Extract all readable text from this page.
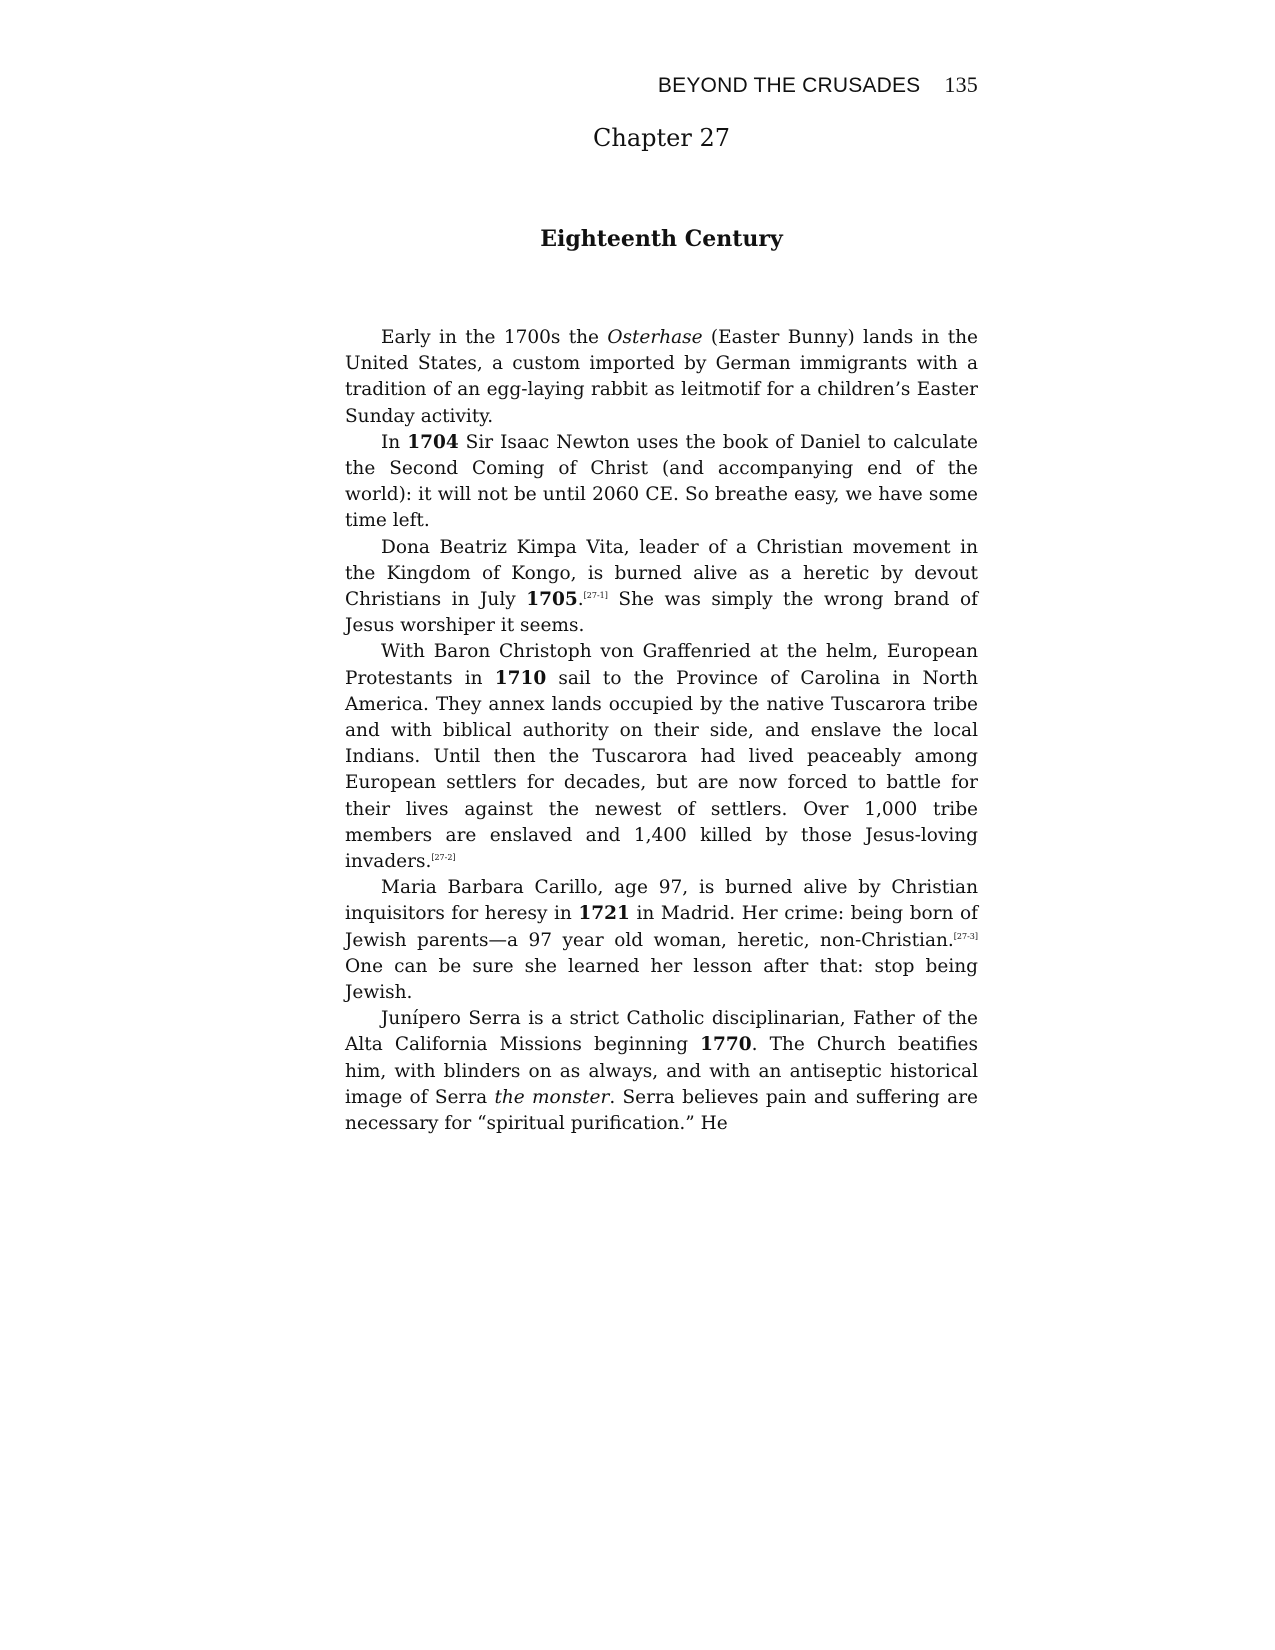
BEYOND THE CRUSADES 135
Chapter 27
Eighteenth Century

Early in the 1700s the Osterhase (Easter Bunny) lands in the United States, a custom imported by German immigrants with a tradition of an egg-laying rabbit as leitmotif for a children’s Easter Sunday activity.

In 1704 Sir Isaac Newton uses the book of Daniel to calculate the Second Coming of Christ (and accompanying end of the world): it will not be until 2060 CE. So breathe easy, we have some time left.

Dona Beatriz Kimpa Vita, leader of a Christian movement in the Kingdom of Kongo, is burned alive as a heretic by devout Christians in July 1705.[27-1] She was simply the wrong brand of Jesus worshiper it seems.

With Baron Christoph von Graffenried at the helm, European Protestants in 1710 sail to the Province of Carolina in North America. They annex lands occupied by the native Tuscarora tribe and with biblical authority on their side, and enslave the local Indians. Until then the Tuscarora had lived peaceably among European settlers for decades, but are now forced to battle for their lives against the newest of settlers. Over 1,000 tribe members are enslaved and 1,400 killed by those Jesus-loving invaders.[27-2]

Maria Barbara Carillo, age 97, is burned alive by Christian inquisitors for heresy in 1721 in Madrid. Her crime: being born of Jewish parents—a 97 year old woman, heretic, non-Christian.[27-3] One can be sure she learned her lesson after that: stop being Jewish.

Junípero Serra is a strict Catholic disciplinarian, Father of the Alta California Missions beginning 1770. The Church beatifies him, with blinders on as always, and with an antiseptic historical image of Serra the monster. Serra believes pain and suffering are necessary for “spiritual purification.” He
